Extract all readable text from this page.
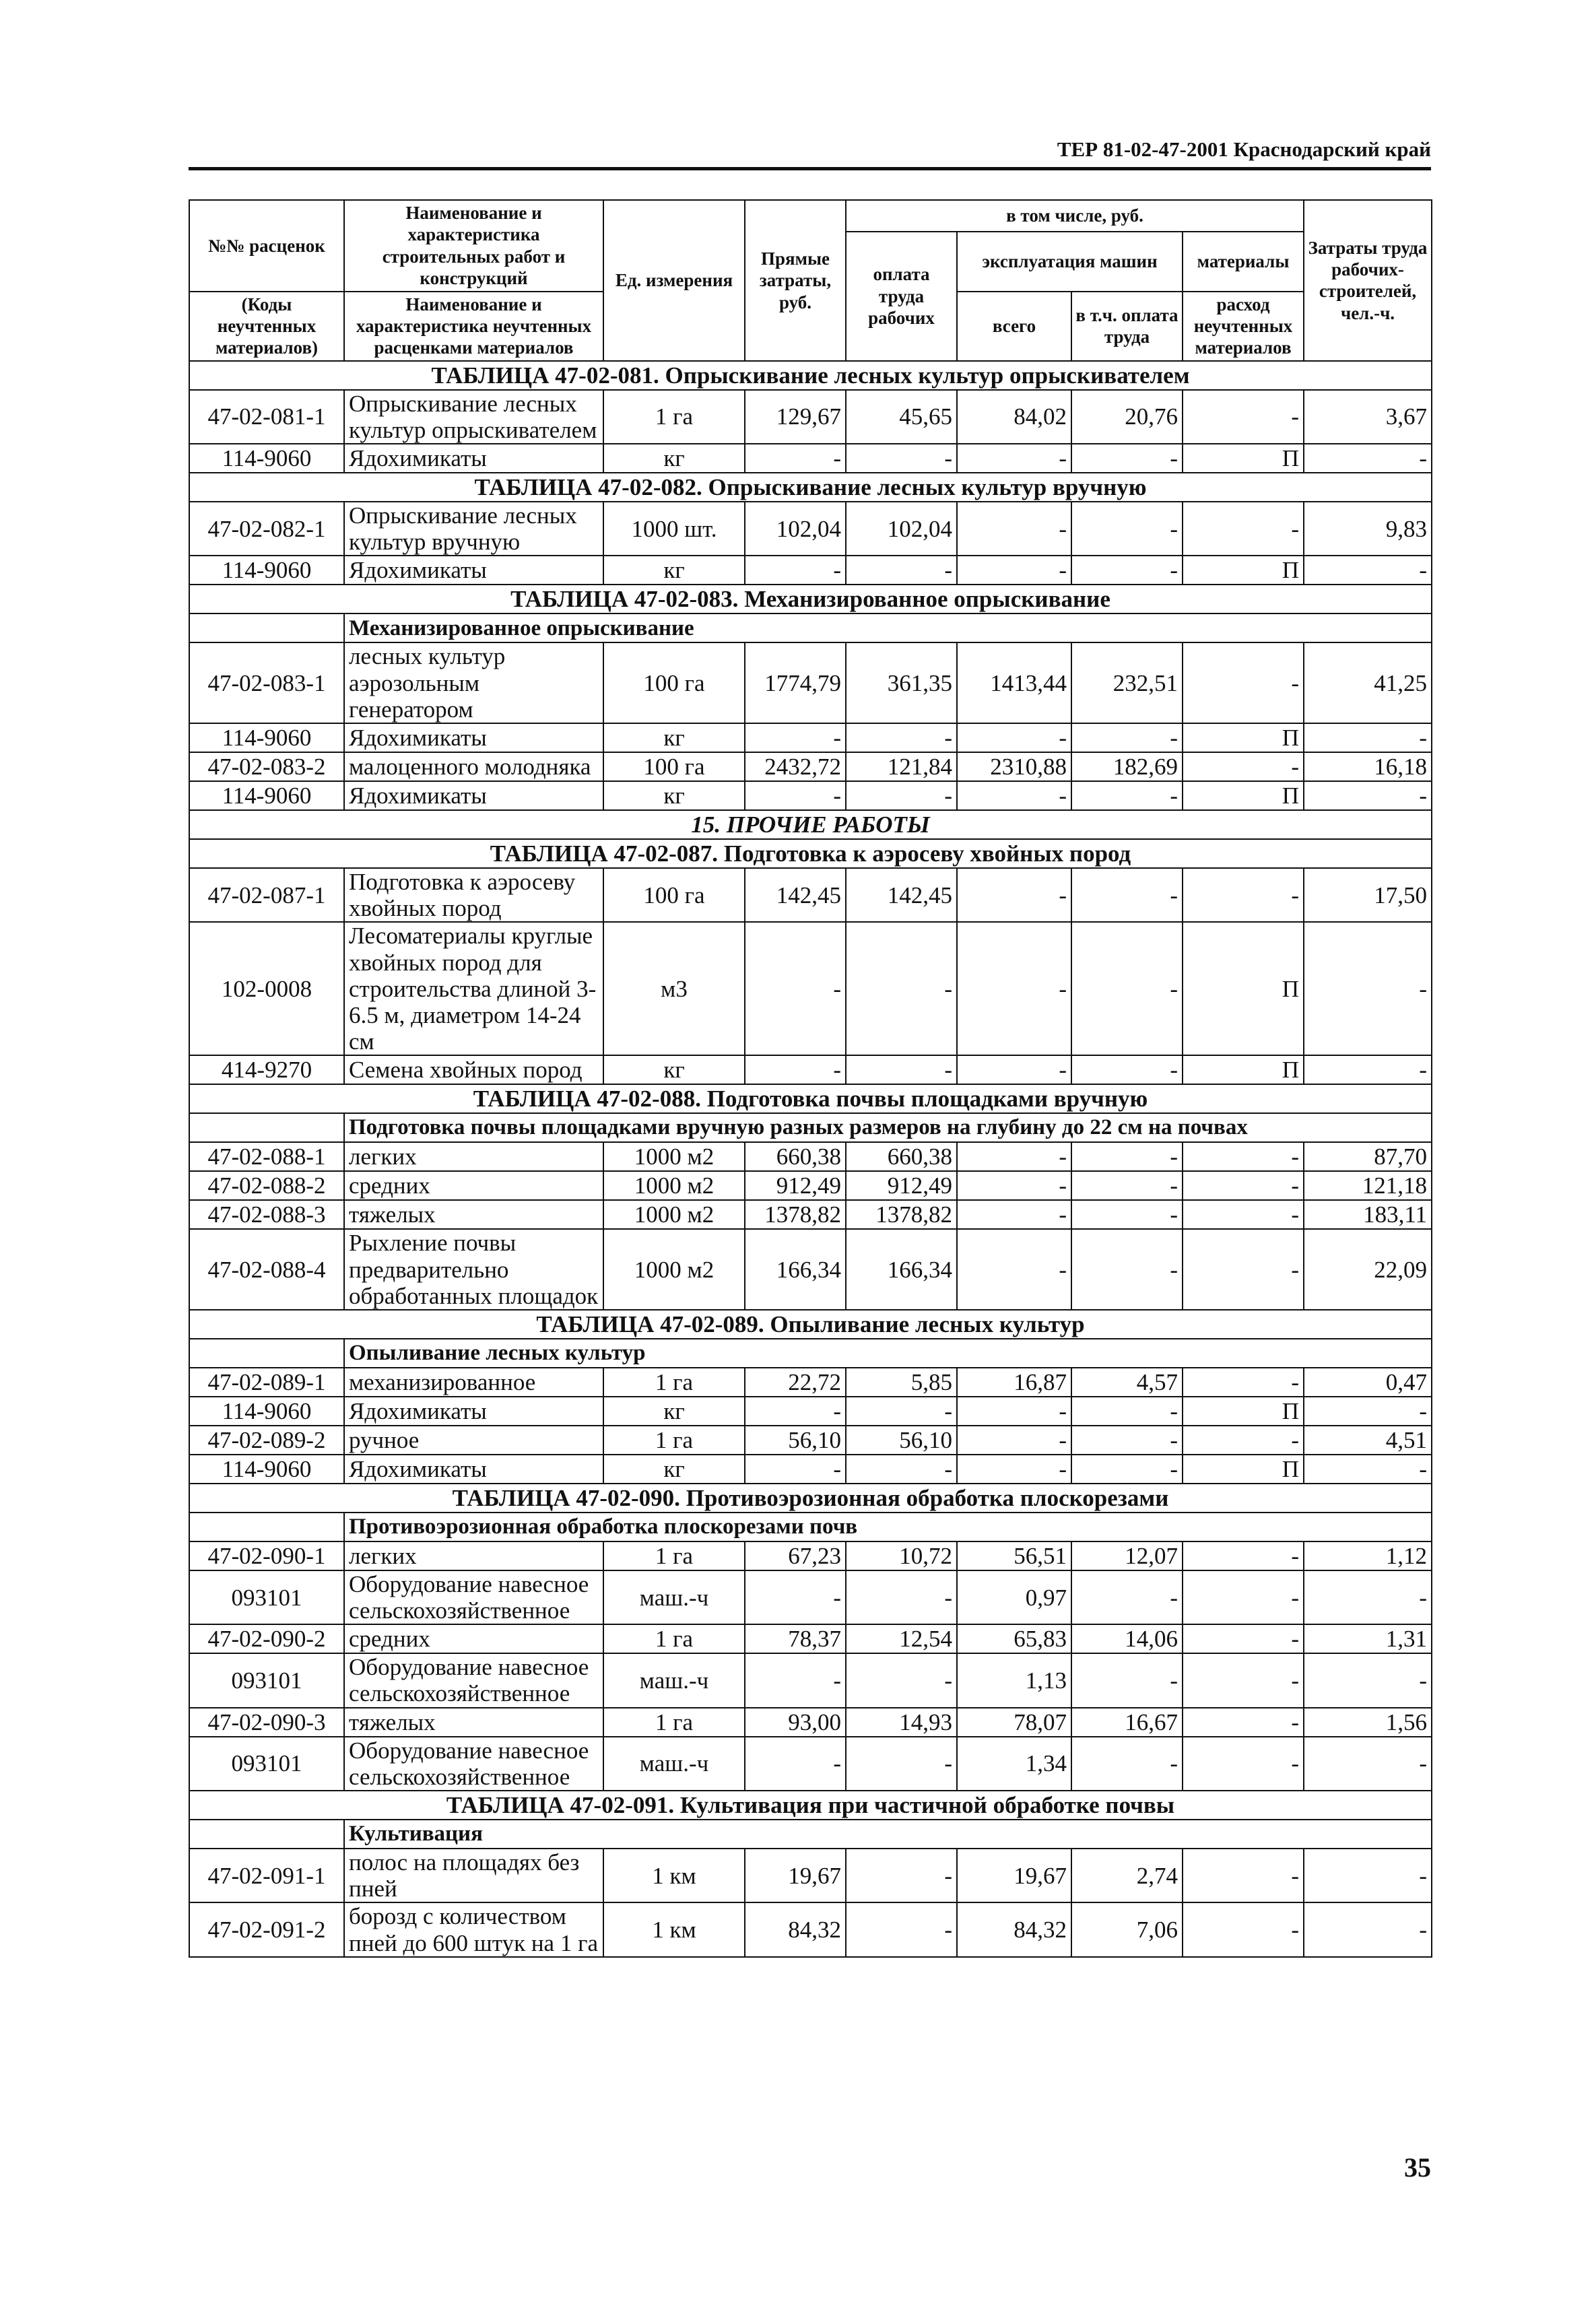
ТЕР 81-02-47-2001 Краснодарский край
№№ расценок	Наименование и характеристика строительных работ и конструкций	Ед. измерения	Прямые затраты, руб.	в том числе, руб.				Затраты труда рабочих-строителей, чел.-ч.
				оплата труда рабочих	эксплуатация машин		материалы	
(Коды неучтенных материалов)	Наименование и характеристика неучтенных расценками материалов				всего	в т.ч. оплата труда	расход неучтенных материалов	

ТАБЛИЦА 47-02-081. Опрыскивание лесных культур опрыскивателем								
47-02-081-1	Опрыскивание лесных культур опрыскивателем	1 га	129,67	45,65	84,02	20,76	-	3,67
114-9060	Ядохимикаты	кг	-	-	-	-	П	-
ТАБЛИЦА 47-02-082. Опрыскивание лесных культур вручную								
47-02-082-1	Опрыскивание лесных культур вручную	1000 шт.	102,04	102,04	-	-	-	9,83
114-9060	Ядохимикаты	кг	-	-	-	-	П	-
ТАБЛИЦА 47-02-083. Механизированное опрыскивание								
	Механизированное опрыскивание							
47-02-083-1	лесных культур аэрозольным генератором	100 га	1774,79	361,35	1413,44	232,51	-	41,25
114-9060	Ядохимикаты	кг	-	-	-	-	П	-
47-02-083-2	малоценного молодняка	100 га	2432,72	121,84	2310,88	182,69	-	16,18
114-9060	Ядохимикаты	кг	-	-	-	-	П	-
15. ПРОЧИЕ РАБОТЫ								
ТАБЛИЦА 47-02-087. Подготовка к аэросеву хвойных пород								
47-02-087-1	Подготовка к аэросеву хвойных пород	100 га	142,45	142,45	-	-	-	17,50
102-0008	Лесоматериалы круглые хвойных пород для строительства длиной 3-6.5 м, диаметром 14-24 см	м3	-	-	-	-	П	-
414-9270	Семена хвойных пород	кг	-	-	-	-	П	-
ТАБЛИЦА 47-02-088. Подготовка почвы площадками вручную								
	Подготовка почвы площадками вручную разных размеров на глубину до 22 см на почвах							
47-02-088-1	легких	1000 м2	660,38	660,38	-	-	-	87,70
47-02-088-2	средних	1000 м2	912,49	912,49	-	-	-	121,18
47-02-088-3	тяжелых	1000 м2	1378,82	1378,82	-	-	-	183,11
47-02-088-4	Рыхление почвы предварительно обработанных площадок	1000 м2	166,34	166,34	-	-	-	22,09
ТАБЛИЦА 47-02-089. Опыливание лесных культур								
	Опыливание лесных культур							
47-02-089-1	механизированное	1 га	22,72	5,85	16,87	4,57	-	0,47
114-9060	Ядохимикаты	кг	-	-	-	-	П	-
47-02-089-2	ручное	1 га	56,10	56,10	-	-	-	4,51
114-9060	Ядохимикаты	кг	-	-	-	-	П	-
ТАБЛИЦА 47-02-090. Противоэрозионная обработка плоскорезами								
	Противоэрозионная обработка плоскорезами почв							
47-02-090-1	легких	1 га	67,23	10,72	56,51	12,07	-	1,12
093101	Оборудование навесное сельскохозяйственное	маш.-ч	-	-	0,97	-	-	-
47-02-090-2	средних	1 га	78,37	12,54	65,83	14,06	-	1,31
093101	Оборудование навесное сельскохозяйственное	маш.-ч	-	-	1,13	-	-	-
47-02-090-3	тяжелых	1 га	93,00	14,93	78,07	16,67	-	1,56
093101	Оборудование навесное сельскохозяйственное	маш.-ч	-	-	1,34	-	-	-
ТАБЛИЦА 47-02-091. Культивация при частичной обработке почвы								
	Культивация							
47-02-091-1	полос на площадях без пней	1 км	19,67	-	19,67	2,74	-	-
47-02-091-2	борозд с количеством пней до 600 штук на 1 га	1 км	84,32	-	84,32	7,06	-	-
35
